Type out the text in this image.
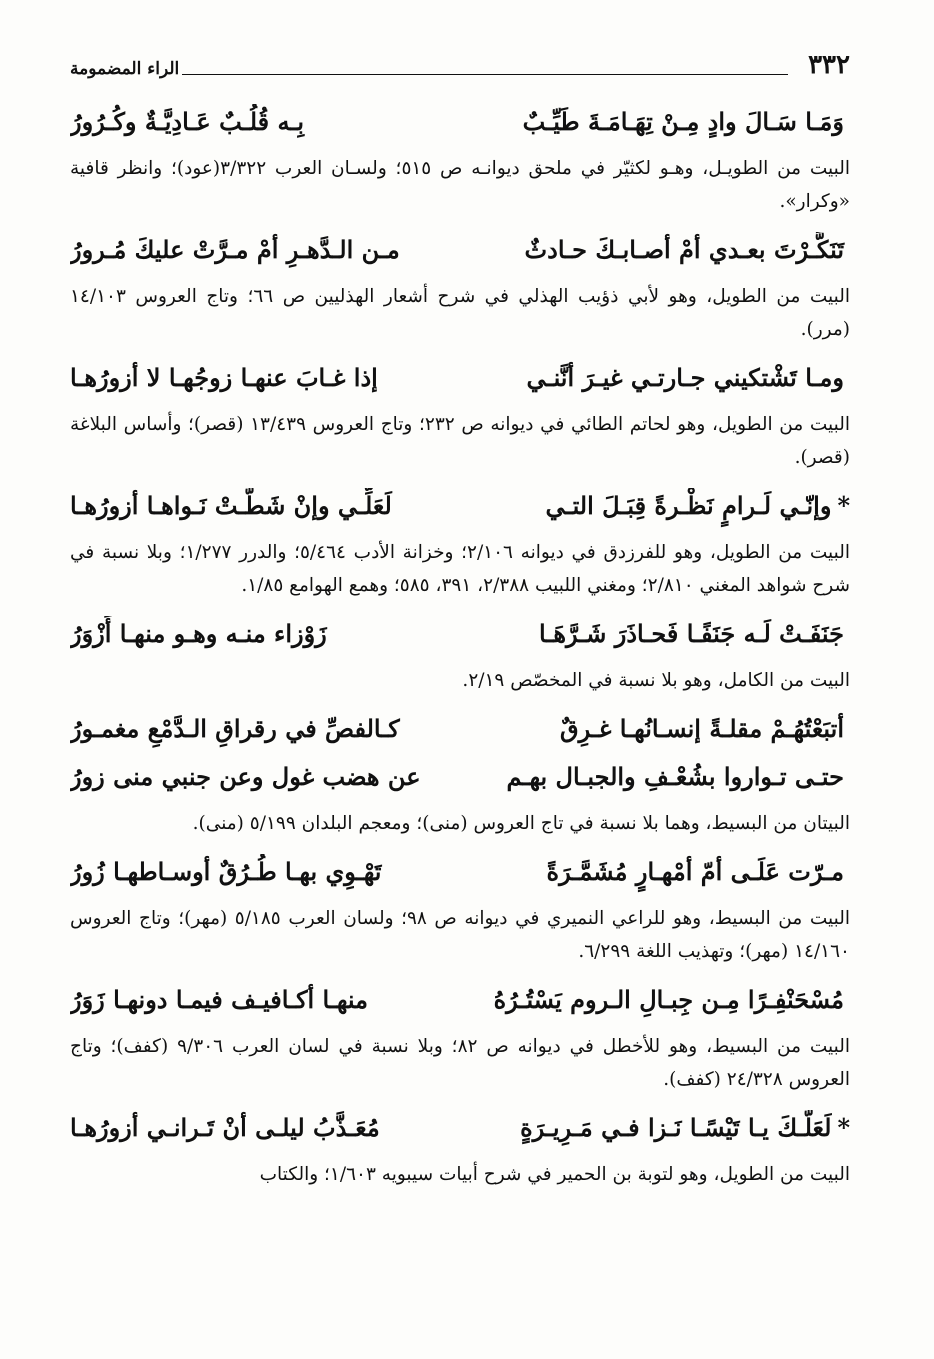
٣٣٢
الراء المضمومة
وَمَـا سَـالَ وادٍ مِـنْ تِهَـامَـةَ طَيِّـبٌ
بِـه قُلُـبٌ عَـادِيَّـةٌ وكُـرُورُ

البيت من الطويـل، وهـو لكثيّر في ملحق ديوانـه ص ٥١٥؛ ولسـان العرب ٣/٣٢٢(عود)؛ وانظر قافية «وكرار».

تَنَكَّـرْتَ بعـدي أمْ أصـابـكَ حـادثٌ
مـن الـدَّهـرِ أمْ مـرَّتْ عليكَ مُـرورُ

البيت من الطويل، وهو لأبي ذؤيب الهذلي في شرح أشعار الهذليين ص ٦٦؛ وتاج العروس ١٤/١٠٣ (مرر).

ومـا تَشْتكيني جـارتـي غيـرَ أنَّنـي
إذا غـابَ عنهـا زوجُهـا لا أزورُهـا

البيت من الطويل، وهو لحاتم الطائي في ديوانه ص ٢٣٢؛ وتاج العروس ١٣/٤٣٩ (قصر)؛ وأساس البلاغة (قصر).

*وإنّـي لَـرامٍ نَظْـرةً قِبَـلَ التـي
لَعَلِّـي وإنْ شَطَّـتْ نَـواهـا أزورُهـا

البيت من الطويل، وهو للفرزدق في ديوانه ٢/١٠٦؛ وخزانة الأدب ٥/٤٦٤؛ والدرر ١/٢٧٧؛ وبلا نسبة في شرح شواهد المغني ٢/٨١٠؛ ومغني اللبيب ٢/٣٨٨، ٣٩١، ٥٨٥؛ وهمع الهوامع ١/٨٥.

جَنَفَـتْ لَـه جَنَفًـا فَحـاذَرَ شَـرَّهَـا
زَوْزاء منـه وهـو منهـا أَزْوَرُ

البيت من الكامل، وهو بلا نسبة في المخصّص ٢/١٩.

أتبَعْتُهُـمْ مقلـةً إنسـانُهـا غـرِقٌ
كـالفصِّ في رقراقِ الـدَّمْعِ مغمـورُ
حتـى تـواروا بشُعْـفِ والجبـال بهـم
عن هضب غول وعن جنبي منى زورُ

البيتان من البسيط، وهما بلا نسبة في تاج العروس (منى)؛ ومعجم البلدان ٥/١٩٩ (منى).

مـرّت عَلَـى أمّ أمْهـارٍ مُشَمَّـرَةً
تَهْـوِي بهـا طُـرُقٌ أوسـاطهـا زُورُ

البيت من البسيط، وهو للراعي النميري في ديوانه ص ٩٨؛ ولسان العرب ٥/١٨٥ (مهر)؛ وتاج العروس ١٤/١٦٠ (مهر)؛ وتهذيب اللغة ٦/٢٩٩.

مُسْحَنْفِـرًا مِـن جِبـالِ الـروم يَسْتُـرُهُ
منهـا أكـافيـف فيمـا دونهـا زَوَرُ

البيت من البسيط، وهو للأخطل في ديوانه ص ٨٢؛ وبلا نسبة في لسان العرب ٩/٣٠٦ (كفف)؛ وتاج العروس ٢٤/٣٢٨ (كفف).

*لَعَلَّـكَ يـا تَيْسًـا نَـزا فـي مَـرِيـرَةٍ
مُعَـذَّبُ ليلـى أنْ تَـرانـي أزورُهـا

البيت من الطويل، وهو لتوبة بن الحمير في شرح أبيات سيبويه ١/٦٠٣؛ والكتاب
